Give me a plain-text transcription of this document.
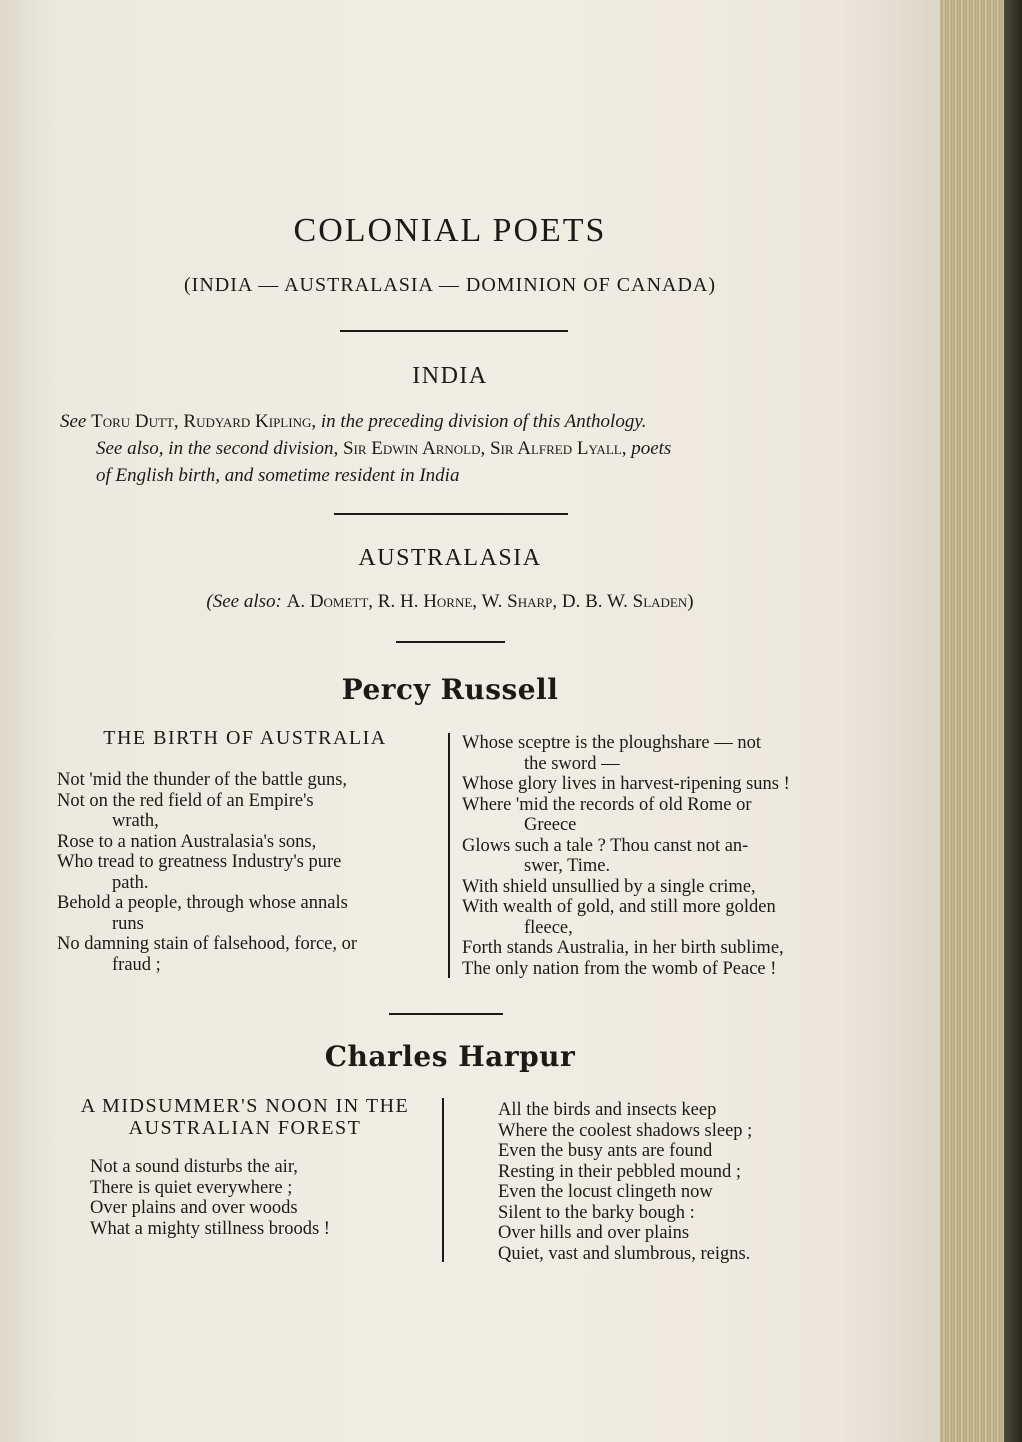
COLONIAL POETS
(INDIA — AUSTRALASIA — DOMINION OF CANADA)
INDIA
See Toru Dutt, Rudyard Kipling, in the preceding division of this Anthology.
See also, in the second division, Sir Edwin Arnold, Sir Alfred Lyall, poets
of English birth, and sometime resident in India
AUSTRALASIA
(See also: A. Domett, R. H. Horne, W. Sharp, D. B. W. Sladen)
Percy Russell
THE BIRTH OF AUSTRALIA
Not 'mid the thunder of the battle guns,
Not on the red field of an Empire's
wrath,
Rose to a nation Australasia's sons,
Who tread to greatness Industry's pure
path.
Behold a people, through whose annals
runs
No damning stain of falsehood, force, or
fraud ;
Whose sceptre is the ploughshare — not
the sword —
Whose glory lives in harvest-ripening suns !
Where 'mid the records of old Rome or
Greece
Glows such a tale ? Thou canst not an-
swer, Time.
With shield unsullied by a single crime,
With wealth of gold, and still more golden
fleece,
Forth stands Australia, in her birth sublime,
The only nation from the womb of Peace !
Charles Harpur
A MIDSUMMER'S NOON IN THE
AUSTRALIAN FOREST
Not a sound disturbs the air,
There is quiet everywhere ;
Over plains and over woods
What a mighty stillness broods !
All the birds and insects keep
Where the coolest shadows sleep ;
Even the busy ants are found
Resting in their pebbled mound ;
Even the locust clingeth now
Silent to the barky bough :
Over hills and over plains
Quiet, vast and slumbrous, reigns.
